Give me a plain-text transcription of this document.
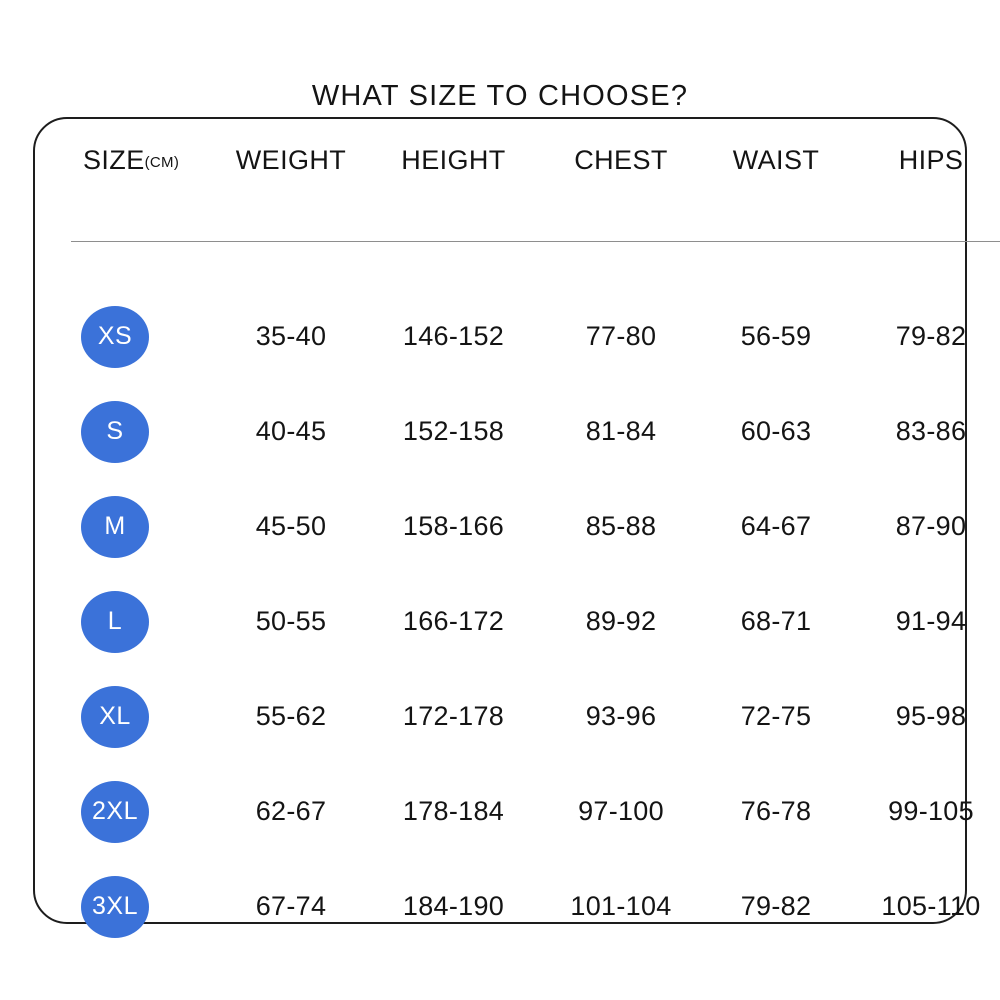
WHAT SIZE TO CHOOSE?
SIZE(CM)	WEIGHT	HEIGHT	CHEST	WAIST	HIPS

XS	35-40	146-152	77-80	56-59	79-82
S	40-45	152-158	81-84	60-63	83-86
M	45-50	158-166	85-88	64-67	87-90
L	50-55	166-172	89-92	68-71	91-94
XL	55-62	172-178	93-96	72-75	95-98
2XL	62-67	178-184	97-100	76-78	99-105
3XL	67-74	184-190	101-104	79-82	105-110
